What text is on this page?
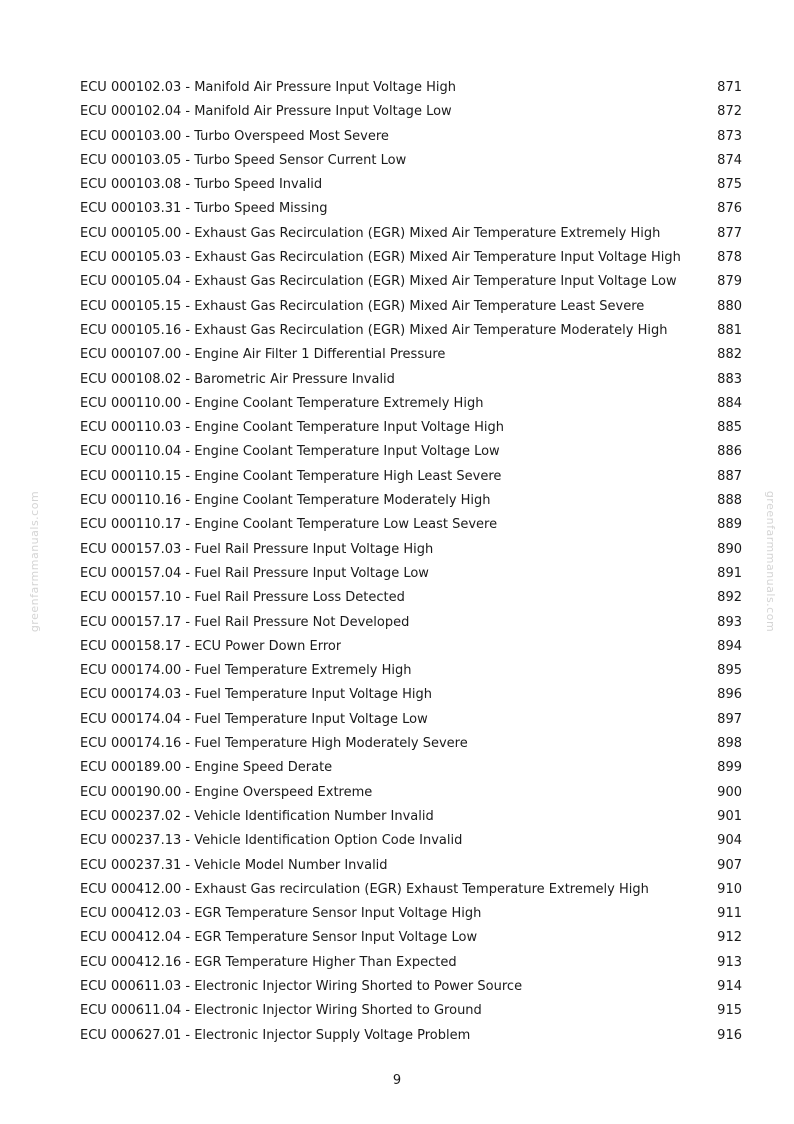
greenfarmmanuals.com	greenfarmmanuals.com
ECU 000102.03 - Manifold Air Pressure Input Voltage High	871
ECU 000102.04 - Manifold Air Pressure Input Voltage Low	872
ECU 000103.00 - Turbo Overspeed Most Severe	873
ECU 000103.05 - Turbo Speed Sensor Current Low	874
ECU 000103.08 - Turbo Speed Invalid	875
ECU 000103.31 - Turbo Speed Missing	876
ECU 000105.00 - Exhaust Gas Recirculation (EGR) Mixed Air Temperature Extremely High	877
ECU 000105.03 - Exhaust Gas Recirculation (EGR) Mixed Air Temperature Input Voltage High	878
ECU 000105.04 - Exhaust Gas Recirculation (EGR) Mixed Air Temperature Input Voltage Low	879
ECU 000105.15 - Exhaust Gas Recirculation (EGR) Mixed Air Temperature Least Severe	880
ECU 000105.16 - Exhaust Gas Recirculation (EGR) Mixed Air Temperature Moderately High	881
ECU 000107.00 - Engine Air Filter 1 Differential Pressure	882
ECU 000108.02 - Barometric Air Pressure Invalid	883
ECU 000110.00 - Engine Coolant Temperature Extremely High	884
ECU 000110.03 - Engine Coolant Temperature Input Voltage High	885
ECU 000110.04 - Engine Coolant Temperature Input Voltage Low	886
ECU 000110.15 - Engine Coolant Temperature High Least Severe	887
ECU 000110.16 - Engine Coolant Temperature Moderately High	888
ECU 000110.17 - Engine Coolant Temperature Low Least Severe	889
ECU 000157.03 - Fuel Rail Pressure Input Voltage High	890
ECU 000157.04 - Fuel Rail Pressure Input Voltage Low	891
ECU 000157.10 - Fuel Rail Pressure Loss Detected	892
ECU 000157.17 - Fuel Rail Pressure Not Developed	893
ECU 000158.17 - ECU Power Down Error	894
ECU 000174.00 - Fuel Temperature Extremely High	895
ECU 000174.03 - Fuel Temperature Input Voltage High	896
ECU 000174.04 - Fuel Temperature Input Voltage Low	897
ECU 000174.16 - Fuel Temperature High Moderately Severe	898
ECU 000189.00 - Engine Speed Derate	899
ECU 000190.00 - Engine Overspeed Extreme	900
ECU 000237.02 - Vehicle Identification Number Invalid	901
ECU 000237.13 - Vehicle Identification Option Code Invalid	904
ECU 000237.31 - Vehicle Model Number Invalid	907
ECU 000412.00 - Exhaust Gas recirculation (EGR) Exhaust Temperature Extremely High	910
ECU 000412.03 - EGR Temperature Sensor Input Voltage High	911
ECU 000412.04 - EGR Temperature Sensor Input Voltage Low	912
ECU 000412.16 - EGR Temperature Higher Than Expected	913
ECU 000611.03 - Electronic Injector Wiring Shorted to Power Source	914
ECU 000611.04 - Electronic Injector Wiring Shorted to Ground	915
ECU 000627.01 - Electronic Injector Supply Voltage Problem	916
9
